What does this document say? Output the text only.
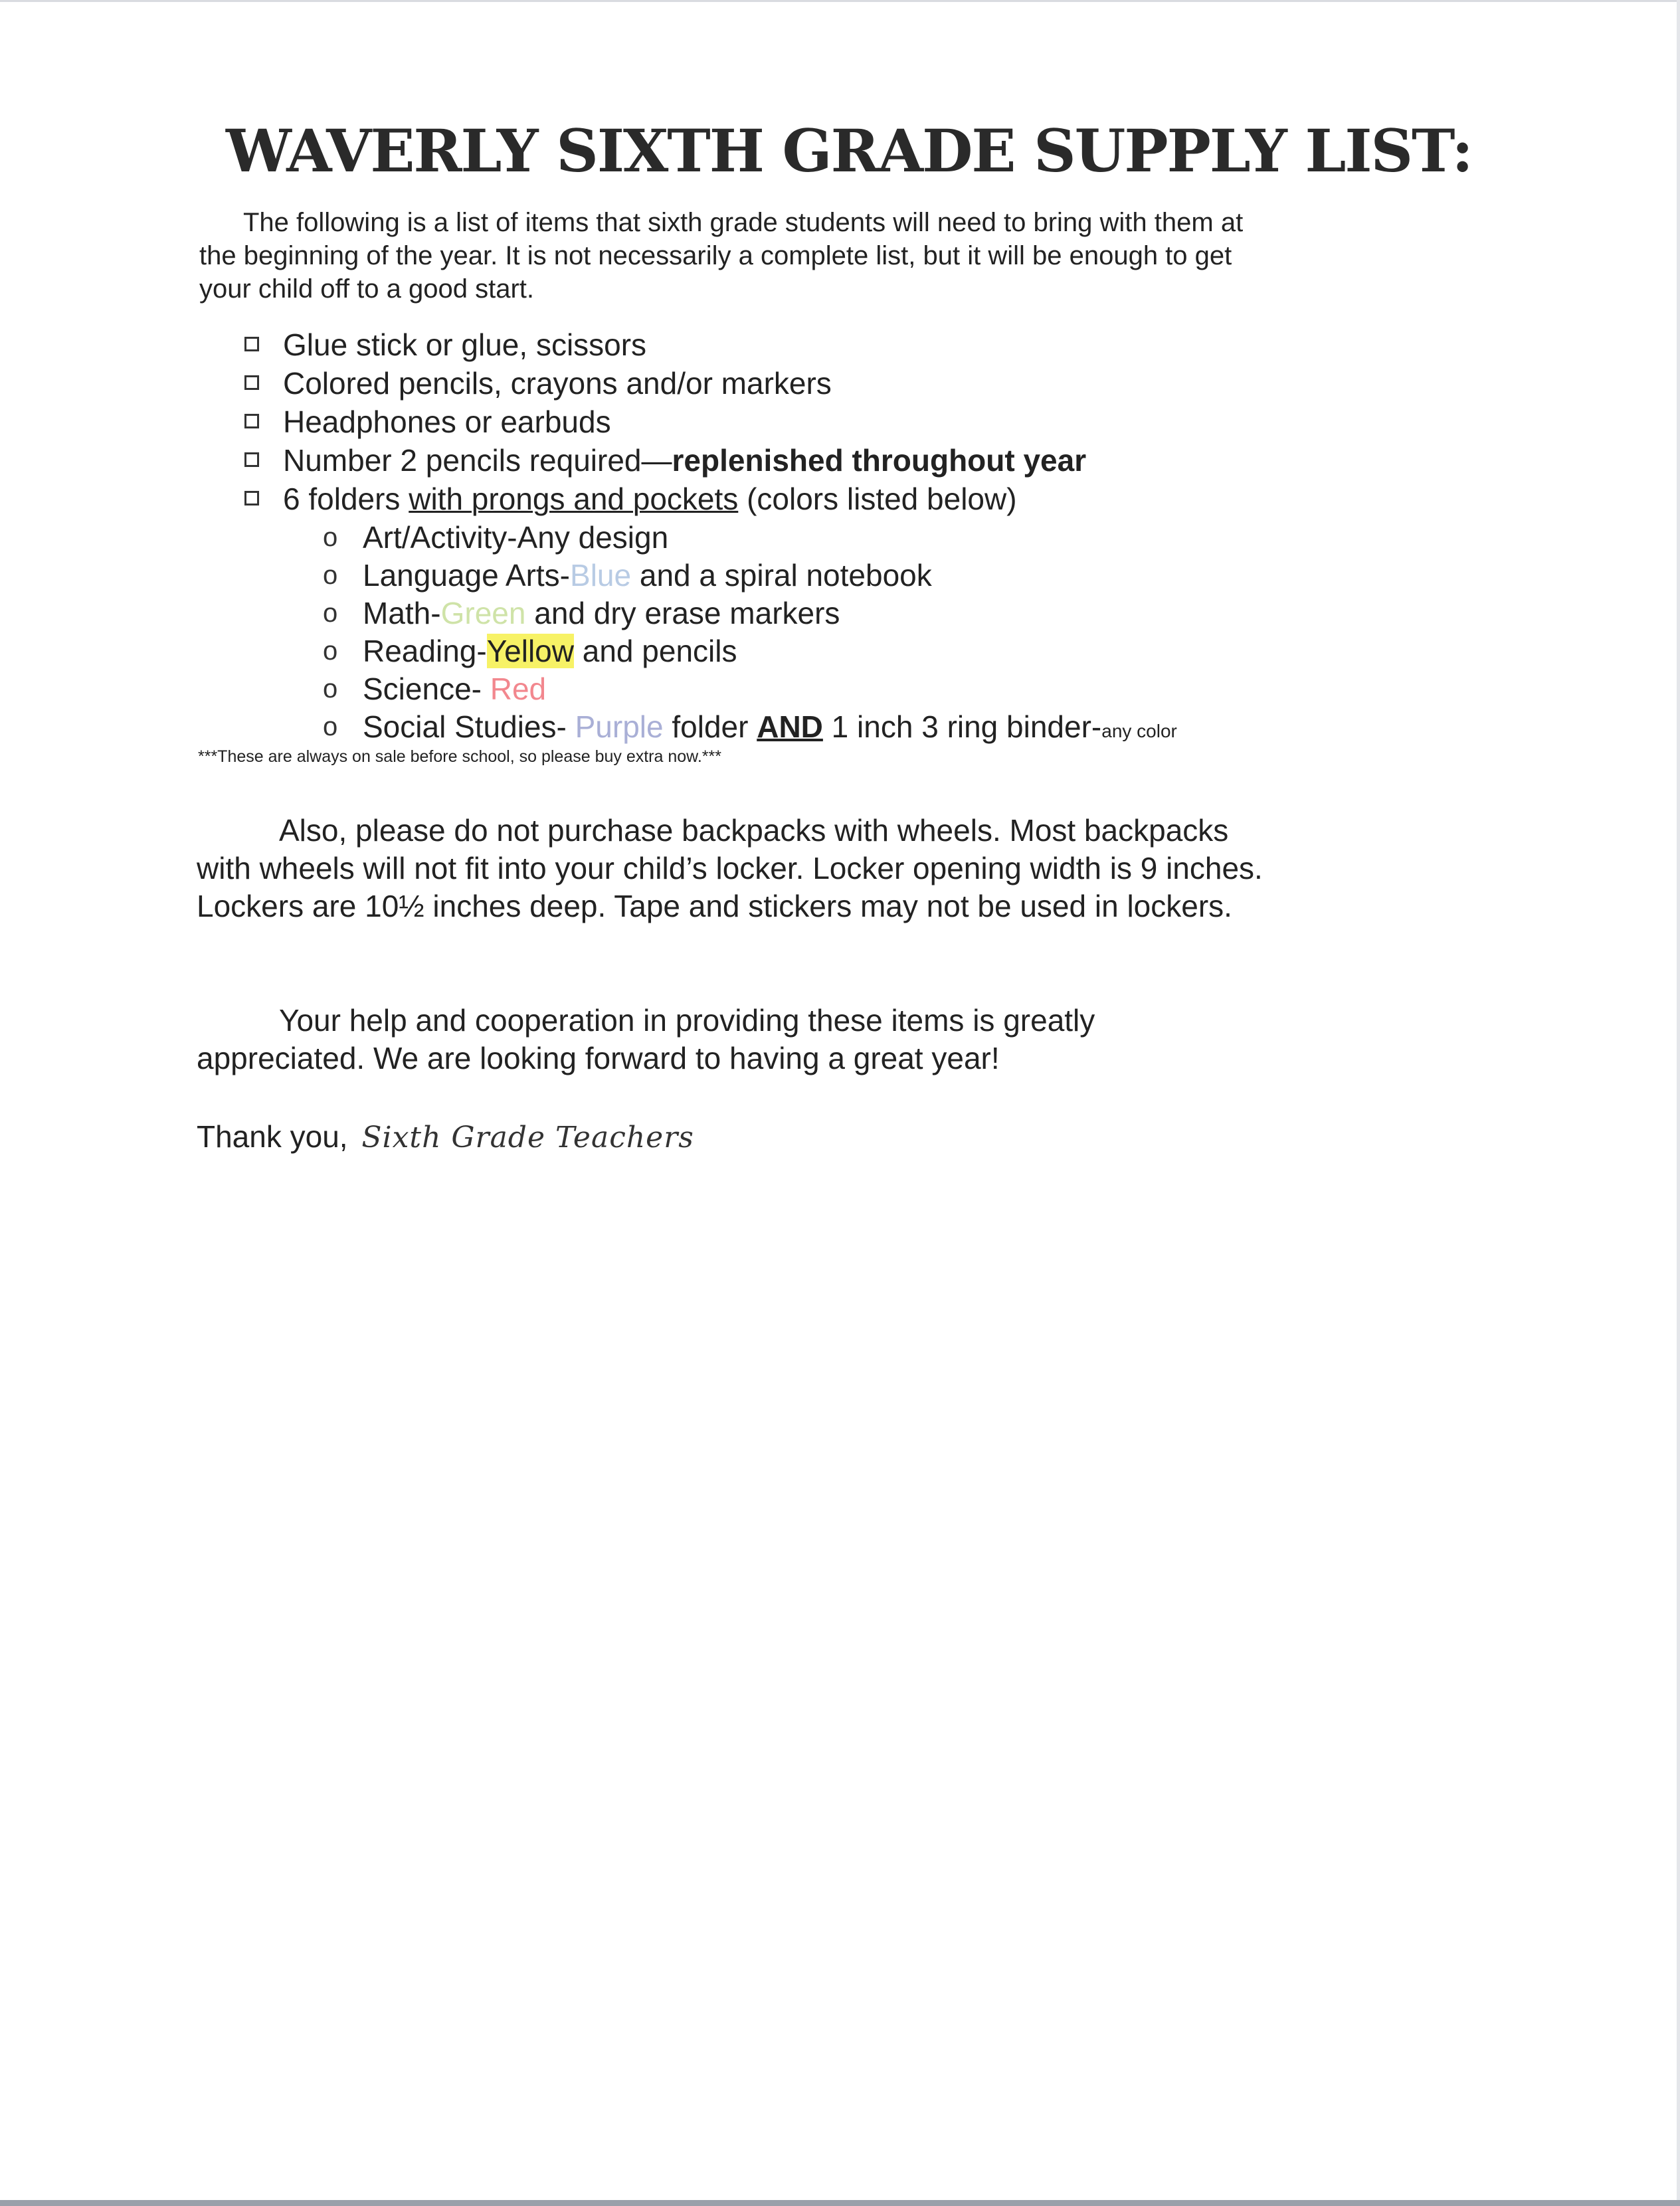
WAVERLY SIXTH GRADE SUPPLY LIST:

The following is a list of items that sixth grade students will need to bring with them at the beginning of the year. It is not necessarily a complete list, but it will be enough to get your child off to a good start.

Glue stick or glue, scissors
Colored pencils, crayons and/or markers
Headphones or earbuds
Number 2 pencils required—replenished throughout year
6 folders with prongs and pockets (colors listed below)
o Art/Activity-Any design
o Language Arts-Blue and a spiral notebook
o Math-Green and dry erase markers
o Reading-Yellow and pencils
o Science- Red
o Social Studies- Purple folder AND 1 inch 3 ring binder-any color

***These are always on sale before school, so please buy extra now.***

Also, please do not purchase backpacks with wheels. Most backpacks with wheels will not fit into your child’s locker. Locker opening width is 9 inches. Lockers are 10½ inches deep. Tape and stickers may not be used in lockers.

Your help and cooperation in providing these items is greatly appreciated. We are looking forward to having a great year!

Thank you, Sixth Grade Teachers
